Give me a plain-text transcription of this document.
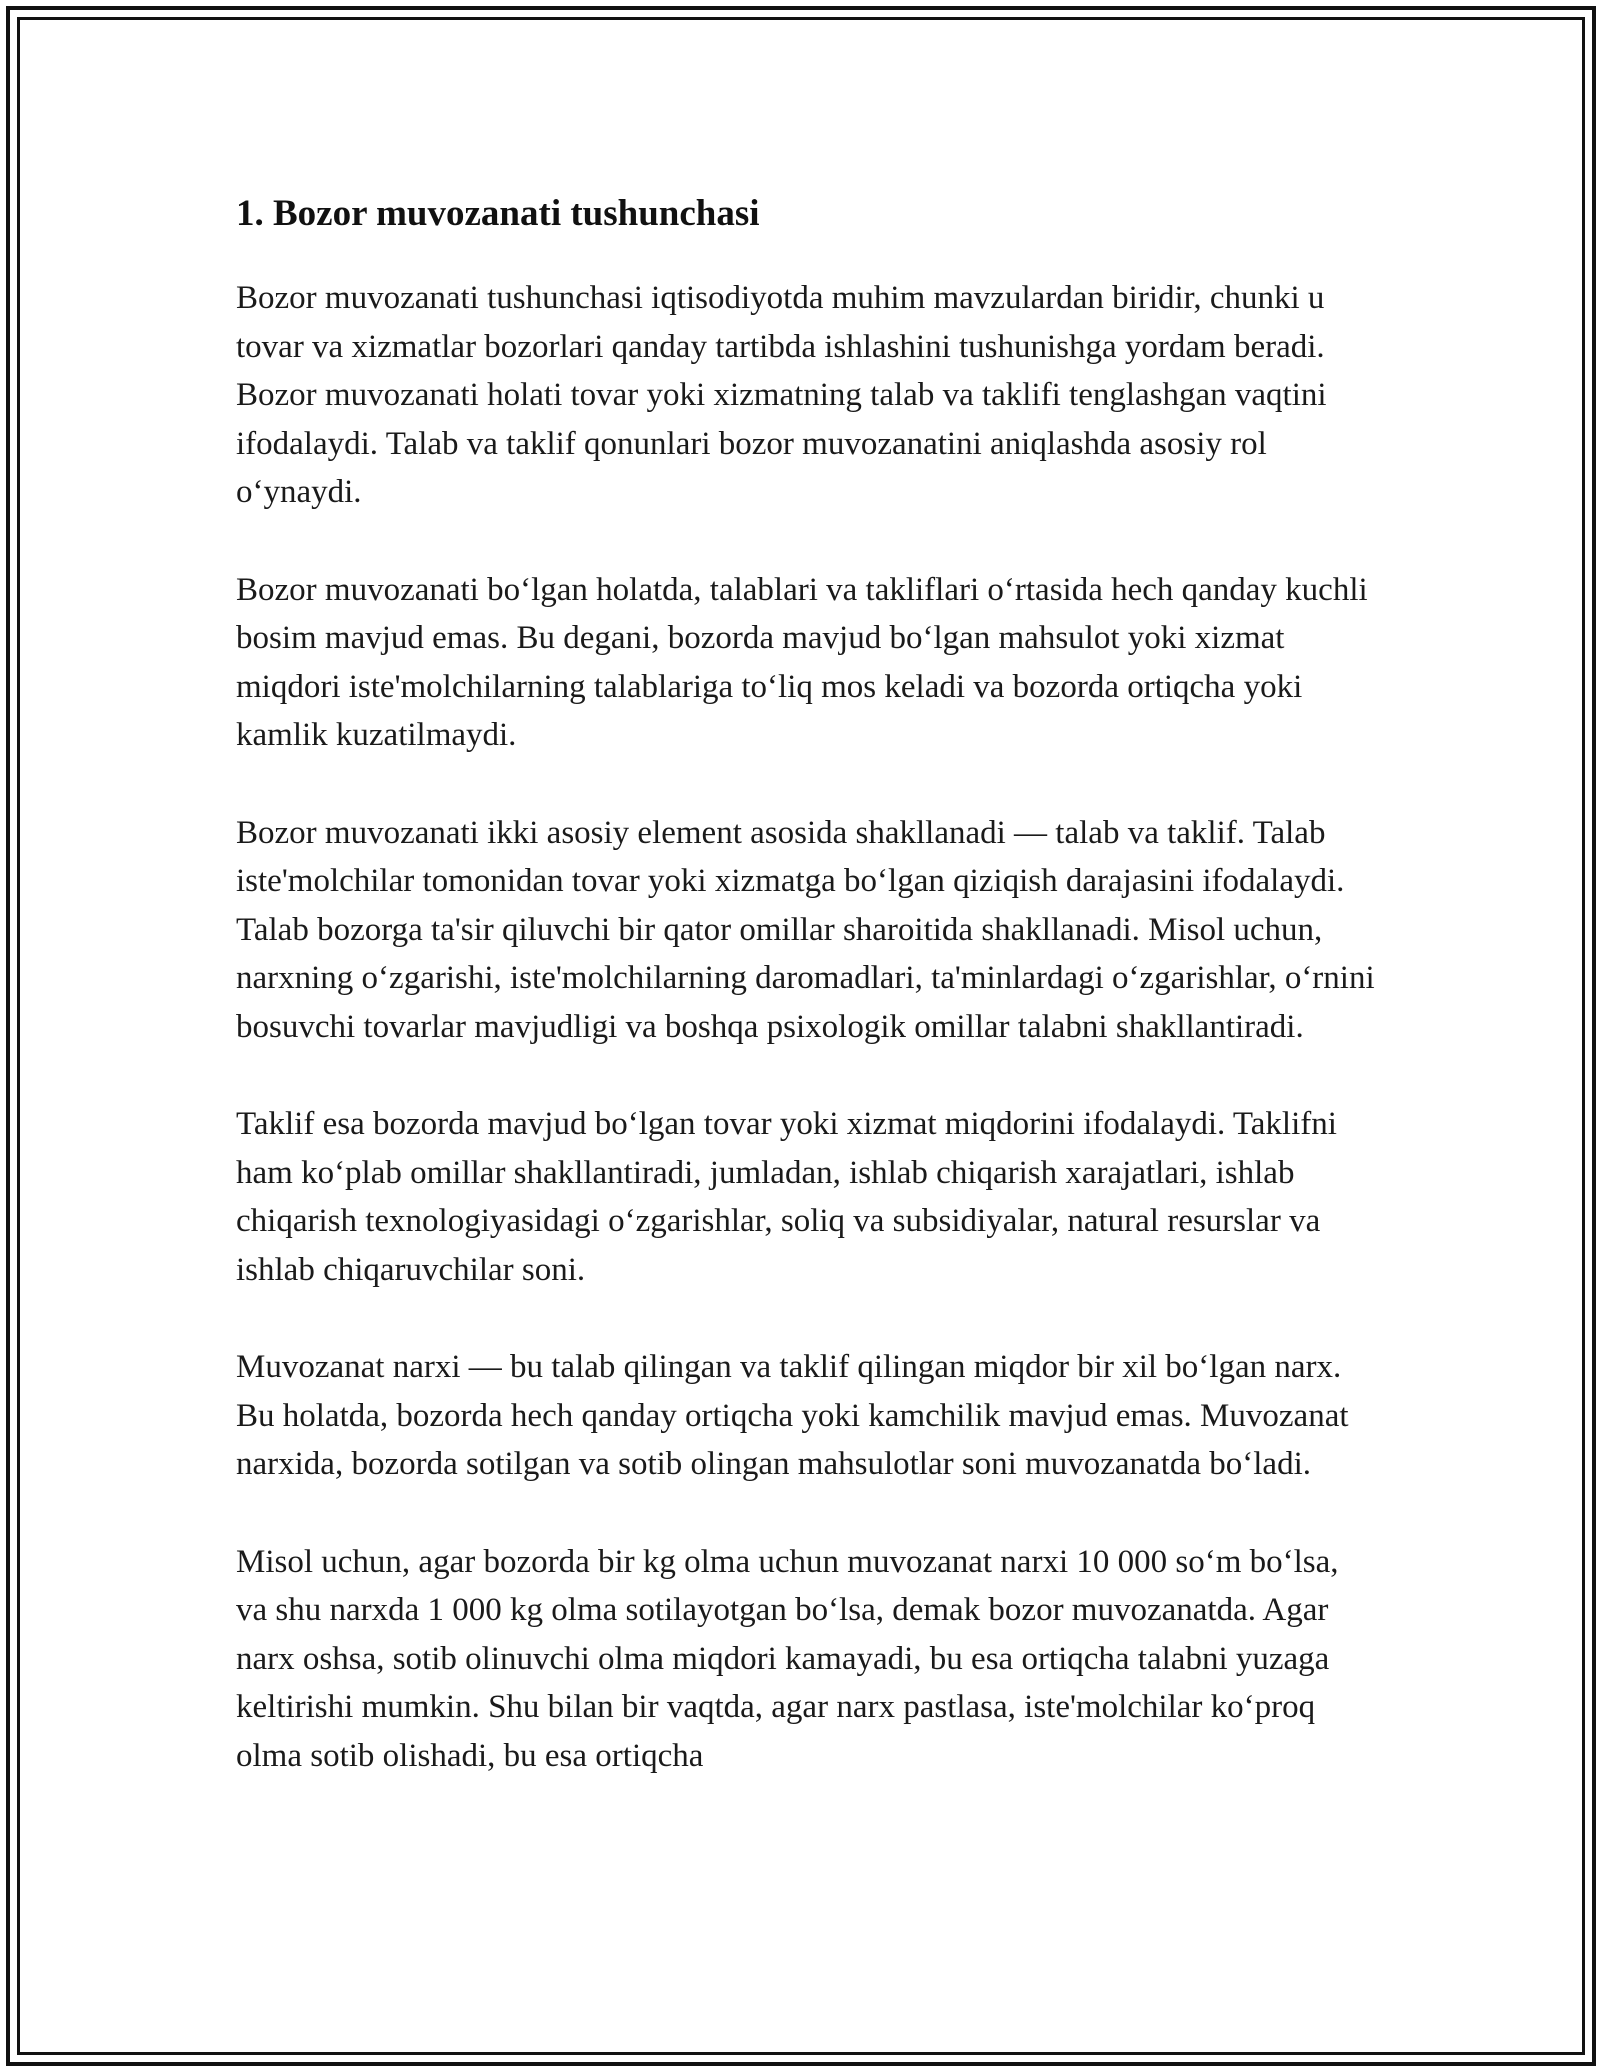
1. Bozor muvozanati tushunchasi

Bozor muvozanati tushunchasi iqtisodiyotda muhim mavzulardan biridir, chunki u tovar va xizmatlar bozorlari qanday tartibda ishlashini tushunishga yordam beradi. Bozor muvozanati holati tovar yoki xizmatning talab va taklifi tenglashgan vaqtini ifodalaydi. Talab va taklif qonunlari bozor muvozanatini aniqlashda asosiy rol oʻynaydi.

Bozor muvozanati boʻlgan holatda, talablari va takliflari oʻrtasida hech qanday kuchli bosim mavjud emas. Bu degani, bozorda mavjud boʻlgan mahsulot yoki xizmat miqdori iste'molchilarning talablariga toʻliq mos keladi va bozorda ortiqcha yoki kamlik kuzatilmaydi.

Bozor muvozanati ikki asosiy element asosida shakllanadi — talab va taklif. Talab iste'molchilar tomonidan tovar yoki xizmatga boʻlgan qiziqish darajasini ifodalaydi. Talab bozorga ta'sir qiluvchi bir qator omillar sharoitida shakllanadi. Misol uchun, narxning oʻzgarishi, iste'molchilarning daromadlari, ta'minlardagi oʻzgarishlar, oʻrnini bosuvchi tovarlar mavjudligi va boshqa psixologik omillar talabni shakllantiradi.

Taklif esa bozorda mavjud boʻlgan tovar yoki xizmat miqdorini ifodalaydi. Taklifni ham koʻplab omillar shakllantiradi, jumladan, ishlab chiqarish xarajatlari, ishlab chiqarish texnologiyasidagi oʻzgarishlar, soliq va subsidiyalar, natural resurslar va ishlab chiqaruvchilar soni.

Muvozanat narxi — bu talab qilingan va taklif qilingan miqdor bir xil boʻlgan narx. Bu holatda, bozorda hech qanday ortiqcha yoki kamchilik mavjud emas. Muvozanat narxida, bozorda sotilgan va sotib olingan mahsulotlar soni muvozanatda boʻladi.

Misol uchun, agar bozorda bir kg olma uchun muvozanat narxi 10 000 soʻm boʻlsa, va shu narxda 1 000 kg olma sotilayotgan boʻlsa, demak bozor muvozanatda. Agar narx oshsa, sotib olinuvchi olma miqdori kamayadi, bu esa ortiqcha talabni yuzaga keltirishi mumkin. Shu bilan bir vaqtda, agar narx pastlasa, iste'molchilar koʻproq olma sotib olishadi, bu esa ortiqcha
